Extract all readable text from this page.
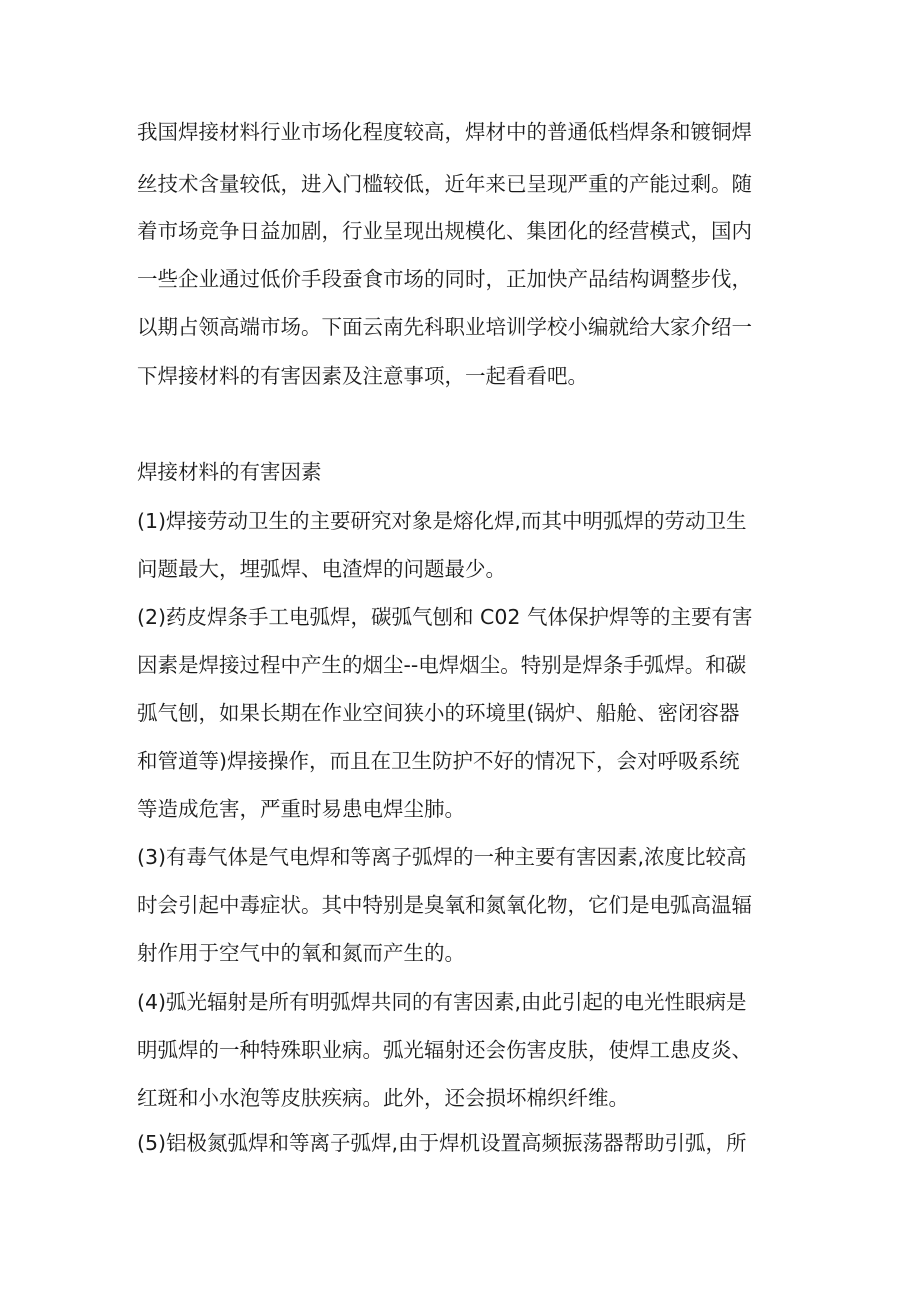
我国焊接材料行业市场化程度较高，焊材中的普通低档焊条和镀铜焊

丝技术含量较低，进入门槛较低，近年来已呈现严重的产能过剩。随

着市场竞争日益加剧，行业呈现出规模化、集团化的经营模式，国内

一些企业通过低价手段蚕食市场的同时，正加快产品结构调整步伐，

以期占领高端市场。下面云南先科职业培训学校小编就给大家介绍一

下焊接材料的有害因素及注意事项，一起看看吧。

焊接材料的有害因素

(1)焊接劳动卫生的主要研究对象是熔化焊,而其中明弧焊的劳动卫生

问题最大，埋弧焊、电渣焊的问题最少。

(2)药皮焊条手工电弧焊，碳弧气刨和 C02 气体保护焊等的主要有害

因素是焊接过程中产生的烟尘--电焊烟尘。特别是焊条手弧焊。和碳

弧气刨，如果长期在作业空间狭小的环境里(锅炉、船舱、密闭容器

和管道等)焊接操作，而且在卫生防护不好的情况下，会对呼吸系统

等造成危害，严重时易患电焊尘肺。

(3)有毒气体是气电焊和等离子弧焊的一种主要有害因素,浓度比较高

时会引起中毒症状。其中特别是臭氧和氮氧化物，它们是电弧高温辐

射作用于空气中的氧和氮而产生的。

(4)弧光辐射是所有明弧焊共同的有害因素,由此引起的电光性眼病是

明弧焊的一种特殊职业病。弧光辐射还会伤害皮肤，使焊工患皮炎、

红斑和小水泡等皮肤疾病。此外，还会损坏棉织纤维。

(5)铝极氮弧焊和等离子弧焊,由于焊机设置高频振荡器帮助引弧，所
